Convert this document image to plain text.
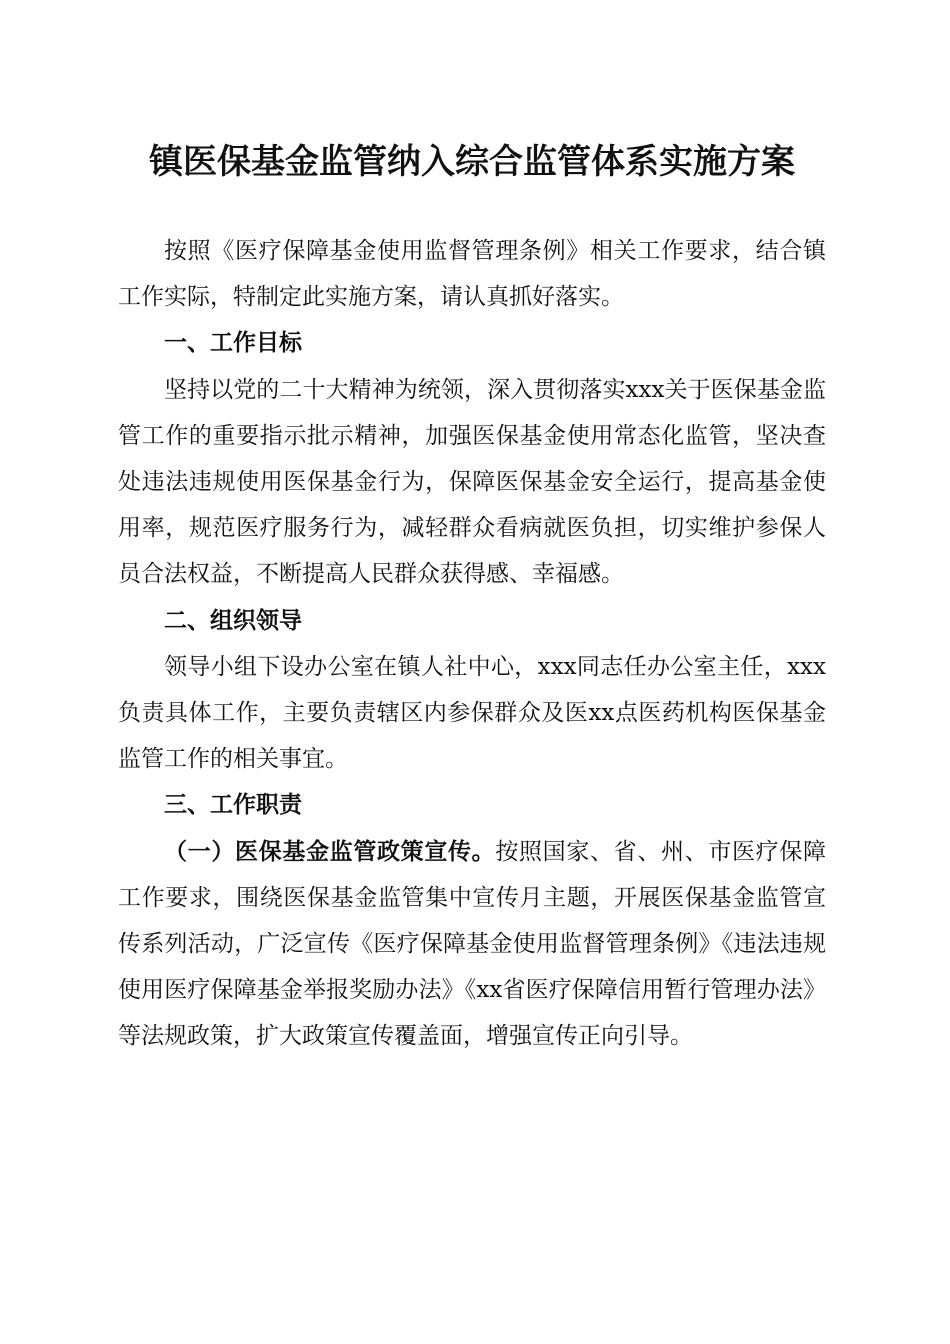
镇医保基金监管纳入综合监管体系实施方案

按照《医疗保障基金使用监督管理条例》相关工作要求，结合镇工作实际，特制定此实施方案，请认真抓好落实。

一、工作目标

坚持以党的二十大精神为统领，深入贯彻落实xxx关于医保基金监管工作的重要指示批示精神，加强医保基金使用常态化监管，坚决查处违法违规使用医保基金行为，保障医保基金安全运行，提高基金使用率，规范医疗服务行为，减轻群众看病就医负担，切实维护参保人员合法权益，不断提高人民群众获得感、幸福感。

二、组织领导

领导小组下设办公室在镇人社中心，xxx同志任办公室主任，xxx负责具体工作，主要负责辖区内参保群众及医xx点医药机构医保基金监管工作的相关事宜。

三、工作职责

（一）医保基金监管政策宣传。按照国家、省、州、市医疗保障工作要求，围绕医保基金监管集中宣传月主题，开展医保基金监管宣传系列活动，广泛宣传《医疗保障基金使用监督管理条例》《违法违规使用医疗保障基金举报奖励办法》《xx省医疗保障信用暂行管理办法》等法规政策，扩大政策宣传覆盖面，增强宣传正向引导。
